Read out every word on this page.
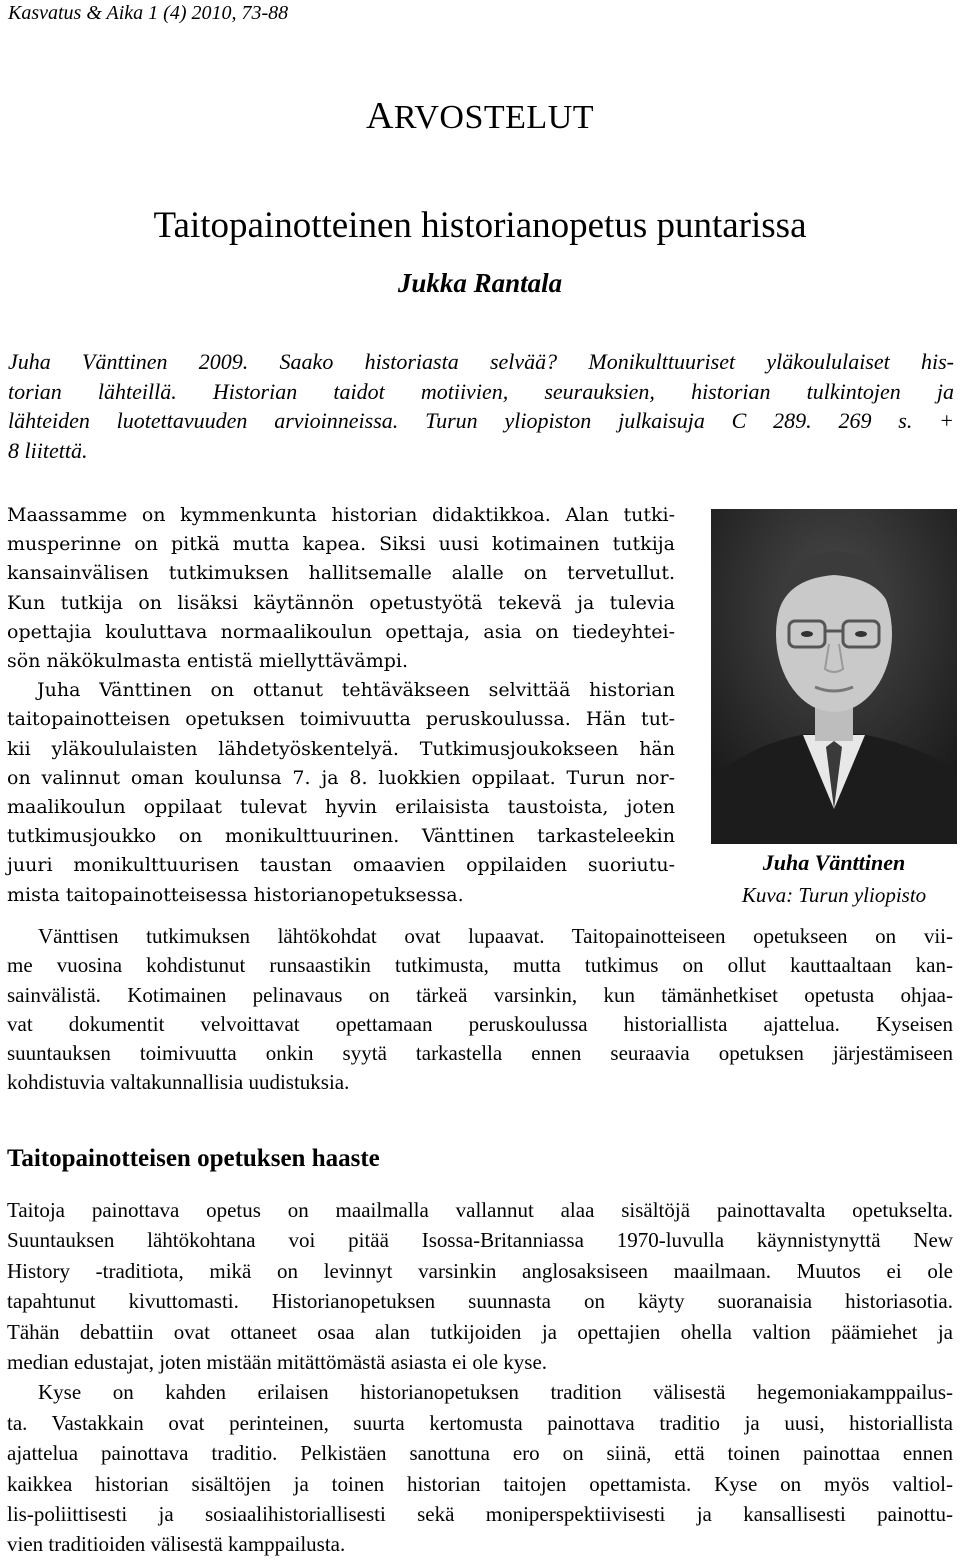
Kasvatus & Aika 1 (4) 2010, 73-88
ARVOSTELUT
Taitopainotteinen historianopetus puntarissa
Jukka Rantala
Juha Vänttinen 2009. Saako historiasta selvää? Monikulttuuriset yläkoululaiset his-
torian lähteillä. Historian taidot motiivien, seurauksien, historian tulkintojen ja
lähteiden luotettavuuden arvioinneissa. Turun yliopiston julkaisuja C 289. 269 s. +
8 liitettä.
Maassamme on kymmenkunta historian didaktikkoa. Alan tutki-
musperinne on pitkä mutta kapea. Siksi uusi kotimainen tutkija
kansainvälisen tutkimuksen hallitsemalle alalle on tervetullut.
Kun tutkija on lisäksi käytännön opetustyötä tekevä ja tulevia
opettajia kouluttava normaalikoulun opettaja, asia on tiedeyhtei-
sön näkökulmasta entistä miellyttävämpi.
Juha Vänttinen on ottanut tehtäväkseen selvittää historian
taitopainotteisen opetuksen toimivuutta peruskoulussa. Hän tut-
kii yläkoululaisten lähdetyöskentelyä. Tutkimusjoukokseen hän
on valinnut oman koulunsa 7. ja 8. luokkien oppilaat. Turun nor-
maalikoulun oppilaat tulevat hyvin erilaisista taustoista, joten
tutkimusjoukko on monikulttuurinen. Vänttinen tarkasteleekin
juuri monikulttuurisen taustan omaavien oppilaiden suoriutu-
mista taitopainotteisessa historianopetuksessa.
Juha Vänttinen
Kuva: Turun yliopisto
Vänttisen tutkimuksen lähtökohdat ovat lupaavat. Taitopainotteiseen opetukseen on vii-
me vuosina kohdistunut runsaastikin tutkimusta, mutta tutkimus on ollut kauttaaltaan kan-
sainvälistä. Kotimainen pelinavaus on tärkeä varsinkin, kun tämänhetkiset opetusta ohjaa-
vat dokumentit velvoittavat opettamaan peruskoulussa historiallista ajattelua. Kyseisen
suuntauksen toimivuutta onkin syytä tarkastella ennen seuraavia opetuksen järjestämiseen
kohdistuvia valtakunnallisia uudistuksia.
Taitopainotteisen opetuksen haaste
Taitoja painottava opetus on maailmalla vallannut alaa sisältöjä painottavalta opetukselta.
Suuntauksen lähtökohtana voi pitää Isossa-Britanniassa 1970-luvulla käynnistynyttä New
History -traditiota, mikä on levinnyt varsinkin anglosaksiseen maailmaan. Muutos ei ole
tapahtunut kivuttomasti. Historianopetuksen suunnasta on käyty suoranaisia historiasotia.
Tähän debattiin ovat ottaneet osaa alan tutkijoiden ja opettajien ohella valtion päämiehet ja
median edustajat, joten mistään mitättömästä asiasta ei ole kyse.
Kyse on kahden erilaisen historianopetuksen tradition välisestä hegemoniakamppailus-
ta. Vastakkain ovat perinteinen, suurta kertomusta painottava traditio ja uusi, historiallista
ajattelua painottava traditio. Pelkistäen sanottuna ero on siinä, että toinen painottaa ennen
kaikkea historian sisältöjen ja toinen historian taitojen opettamista. Kyse on myös valtiol-
lis-poliittisesti ja sosiaalihistoriallisesti sekä moniperspektiivisesti ja kansallisesti painottu-
vien traditioiden välisestä kamppailusta.
